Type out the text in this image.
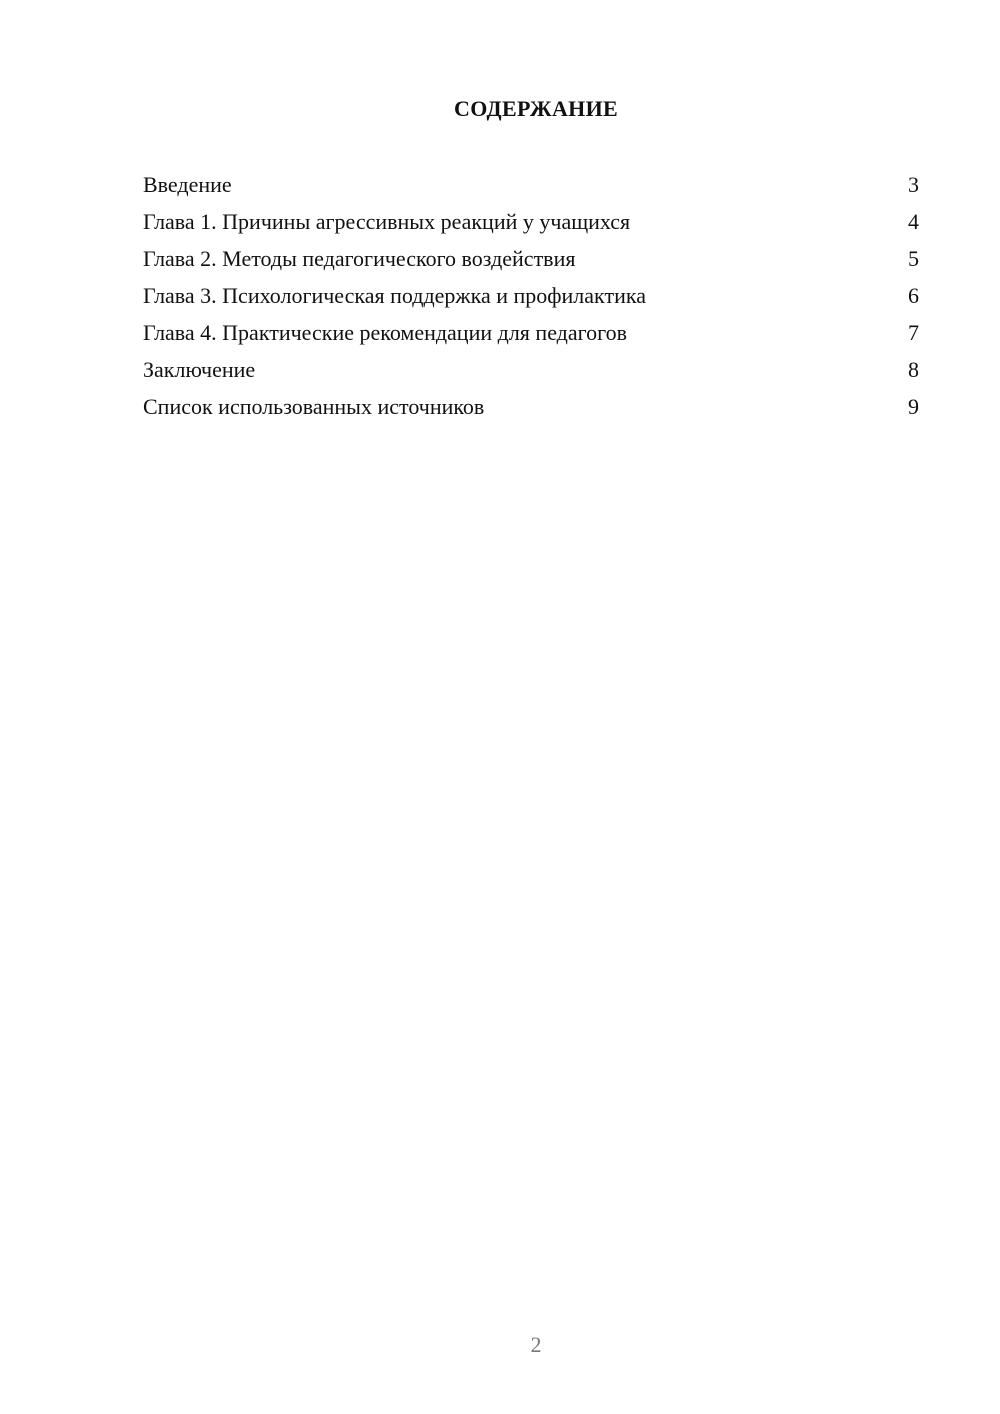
СОДЕРЖАНИЕ
Введение	3
Глава 1. Причины агрессивных реакций у учащихся	4
Глава 2. Методы педагогического воздействия	5
Глава 3. Психологическая поддержка и профилактика	6
Глава 4. Практические рекомендации для педагогов	7
Заключение	8
Список использованных источников	9
2
